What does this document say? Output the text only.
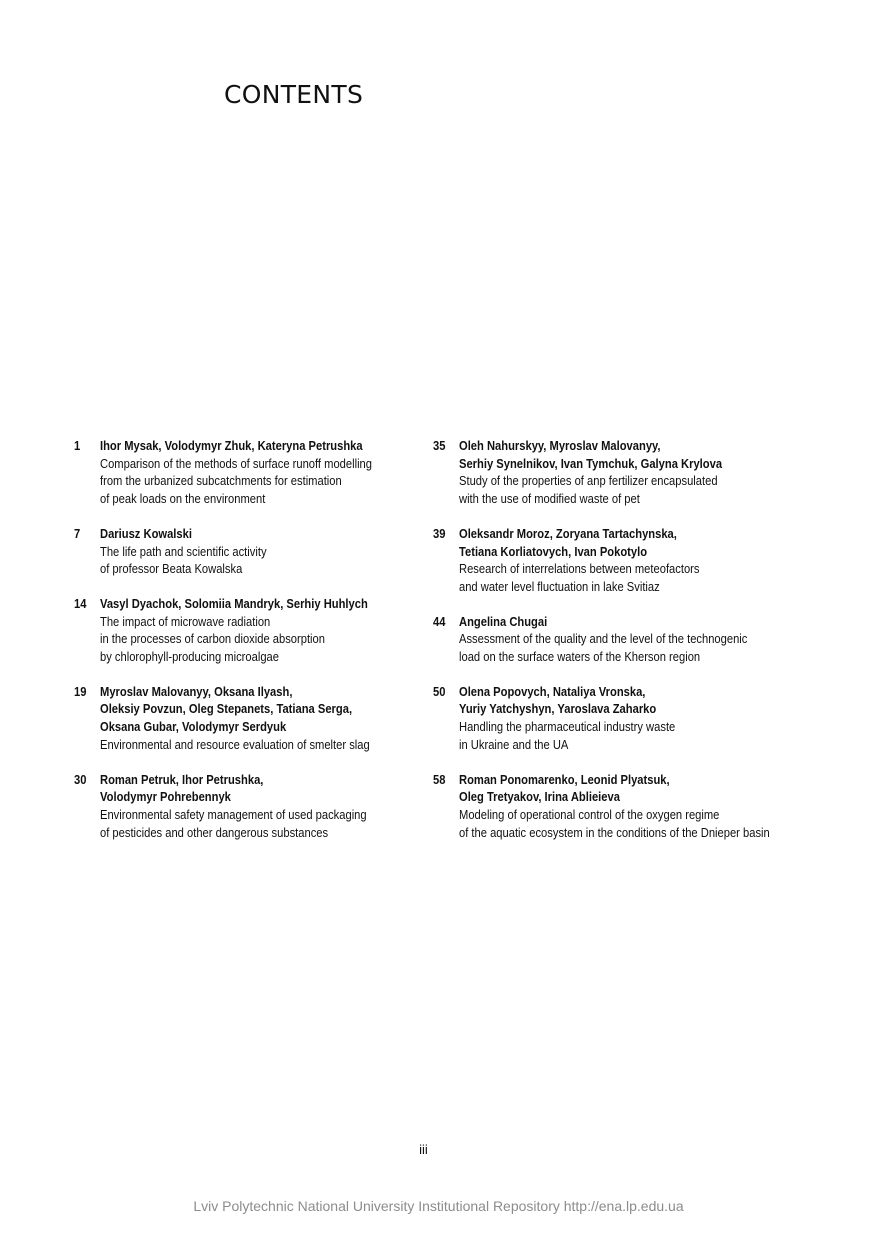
CONTENTS
1	Ihor Mysak, Volodymyr Zhuk, Kateryna Petrushka
Comparison of the methods of surface runoff modelling
from the urbanized subcatchments for estimation
of peak loads on the environment
7	Dariusz Kowalski
The life path and scientific activity
of professor Beata Kowalska
14	Vasyl Dyachok, Solomiia Mandryk, Serhiy Huhlych
The impact of microwave radiation
in the processes of carbon dioxide absorption
by chlorophyll-producing microalgae
19	Myroslav Malovanyy, Oksana Ilyash,
Oleksiy Povzun, Oleg Stepanets, Tatiana Serga,
Oksana Gubar, Volodymyr Serdyuk
Environmental and resource evaluation of smelter slag
30	Roman Petruk, Ihor Petrushka,
Volodymyr Pohrebennyk
Environmental safety management of used packaging
of pesticides and other dangerous substances
35	Oleh Nahurskyy, Myroslav Malovanyy,
Serhiy Synelnikov, Ivan Tymchuk, Galyna Krylova
Study of the properties of anp fertilizer encapsulated
with the use of modified waste of pet
39	Oleksandr Moroz, Zoryana Tartachynska,
Tetiana Korliatovych, Ivan Pokotylo
Research of interrelations between meteofactors
and water level fluctuation in lake Svitiaz
44	Angelina Chugai
Assessment of the quality and the level of the technogenic
load on the surface waters of the Kherson region
50	Olena Popovych, Nataliya Vronska,
Yuriy Yatchyshyn, Yaroslava Zaharko
Handling the pharmaceutical industry waste
in Ukraine and the UA
58	Roman Ponomarenko, Leonid Plyatsuk,
Oleg Tretyakov, Irina Ablieieva
Modeling of operational control of the oxygen regime
of the aquatic ecosystem in the conditions of the Dnieper basin
iii
Lviv Polytechnic National University Institutional Repository http://ena.lp.edu.ua
